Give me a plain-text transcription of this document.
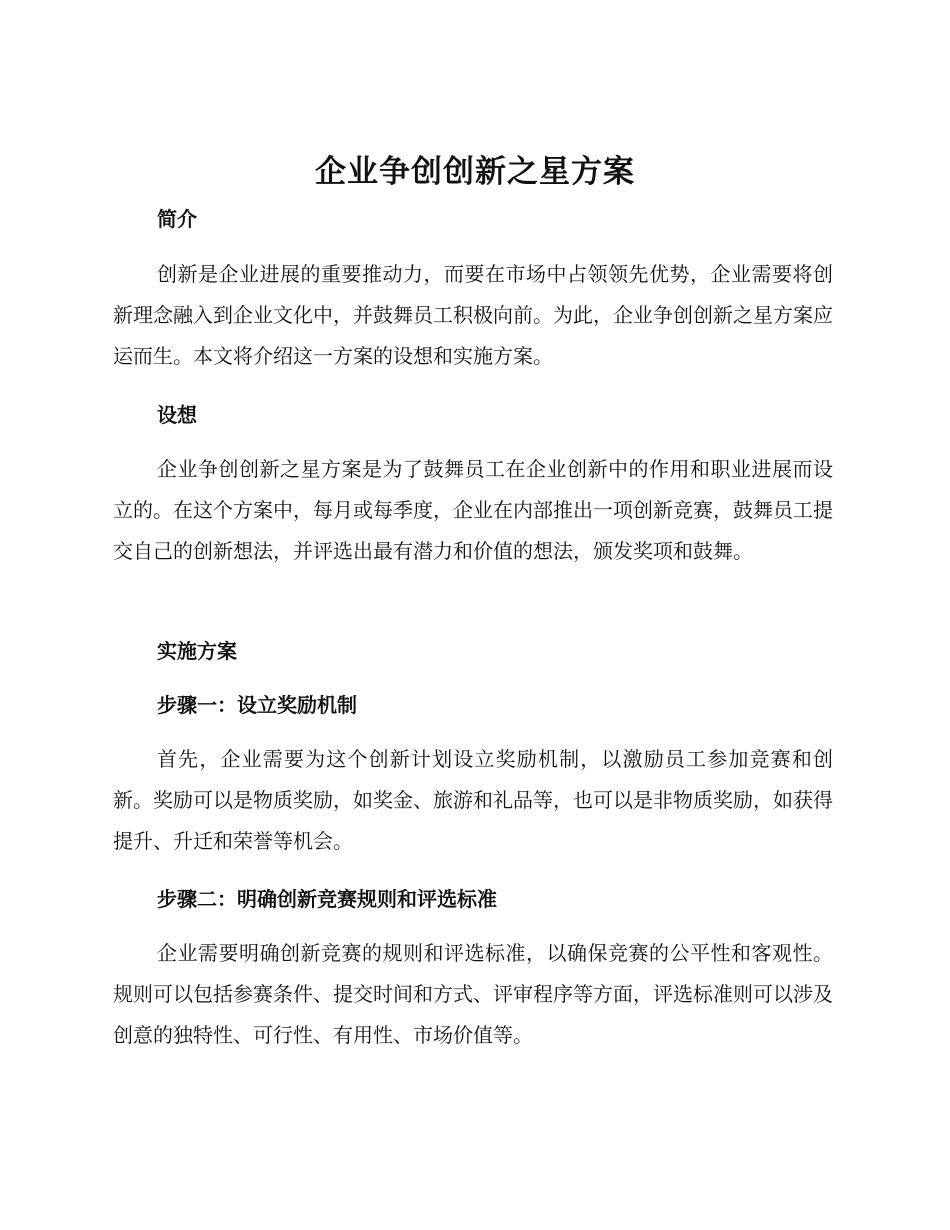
企业争创创新之星方案
简介

创新是企业进展的重要推动力，而要在市场中占领领先优势，企业需要将创新理念融入到企业文化中，并鼓舞员工积极向前。为此，企业争创创新之星方案应运而生。本文将介绍这一方案的设想和实施方案。

设想

企业争创创新之星方案是为了鼓舞员工在企业创新中的作用和职业进展而设立的。在这个方案中，每月或每季度，企业在内部推出一项创新竞赛，鼓舞员工提交自己的创新想法，并评选出最有潜力和价值的想法，颁发奖项和鼓舞。

实施方案
步骤一：设立奖励机制

首先，企业需要为这个创新计划设立奖励机制，以激励员工参加竞赛和创新。奖励可以是物质奖励，如奖金、旅游和礼品等，也可以是非物质奖励，如获得提升、升迁和荣誉等机会。

步骤二：明确创新竞赛规则和评选标准

企业需要明确创新竞赛的规则和评选标准，以确保竞赛的公平性和客观性。规则可以包括参赛条件、提交时间和方式、评审程序等方面，评选标准则可以涉及创意的独特性、可行性、有用性、市场价值等。
